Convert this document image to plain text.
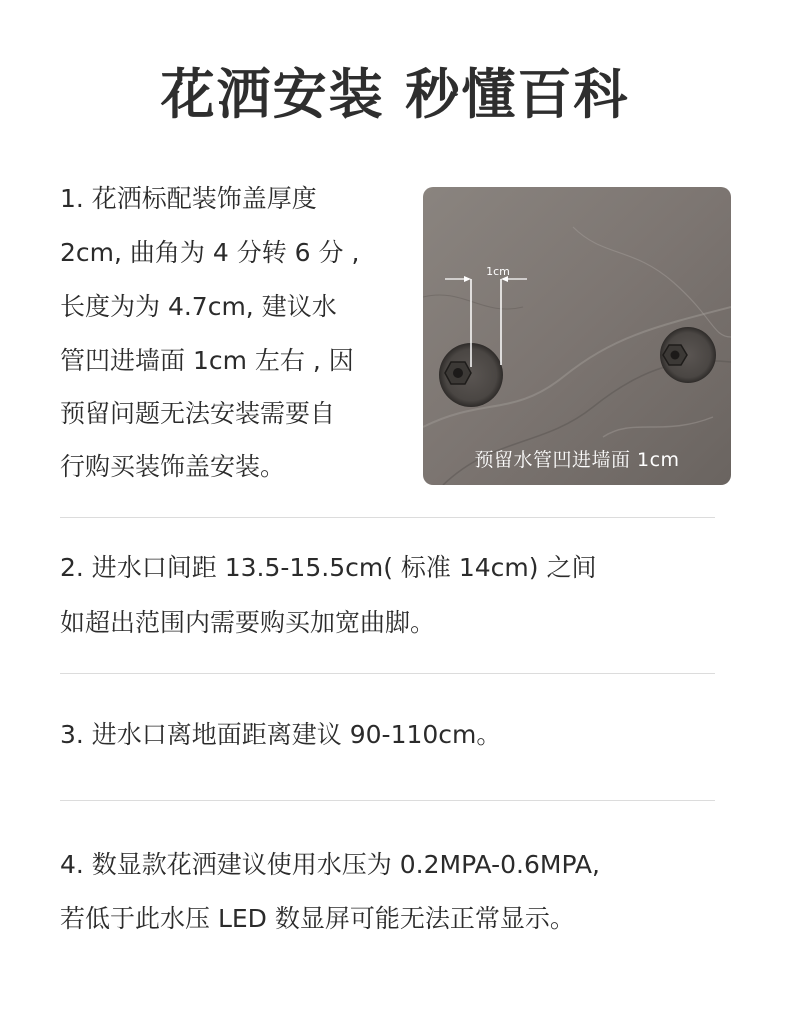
花洒安装 秒懂百科
1. 花洒标配装饰盖厚度
2cm, 曲角为 4 分转 6 分 ,
长度为为 4.7cm, 建议水
管凹进墙面 1cm 左右 , 因
预留问题无法安装需要自
行购买装饰盖安装。
1cm
预留水管凹进墙面 1cm
2. 进水口间距 13.5-15.5cm( 标准 14cm) 之间
如超出范围内需要购买加宽曲脚。
3. 进水口离地面距离建议 90-110cm。
4. 数显款花洒建议使用水压为 0.2MPA-0.6MPA,
若低于此水压 LED 数显屏可能无法正常显示。
